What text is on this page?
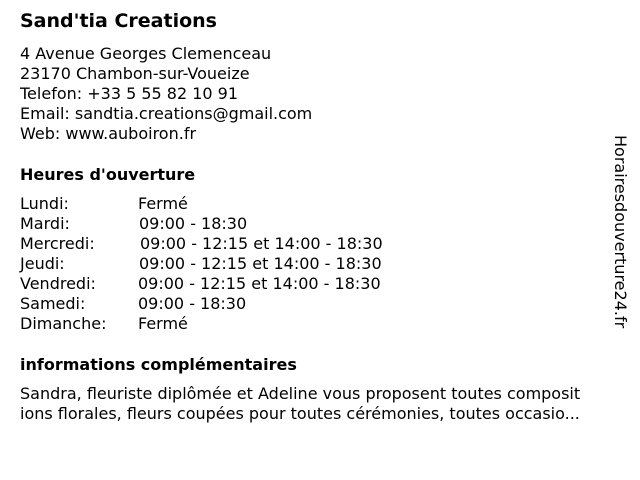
Sand'tia Creations
4 Avenue Georges Clemenceau
23170 Chambon-sur-Voueize
Telefon: +33 5 55 82 10 91
Email: sandtia.creations@gmail.com
Web: www.auboiron.fr
Heures d'ouverture
Lundi:	Fermé
Mardi:	09:00 - 18:30
Mercredi:	09:00 - 12:15 et 14:00 - 18:30
Jeudi:	09:00 - 12:15 et 14:00 - 18:30
Vendredi:	09:00 - 12:15 et 14:00 - 18:30
Samedi:	09:00 - 18:30
Dimanche: Fermé
informations complémentaires
Sandra, fleuriste diplômée et Adeline vous proposent toutes composit
ions florales, fleurs coupées pour toutes cérémonies, toutes occasio...
Horairesdouverture24.fr
